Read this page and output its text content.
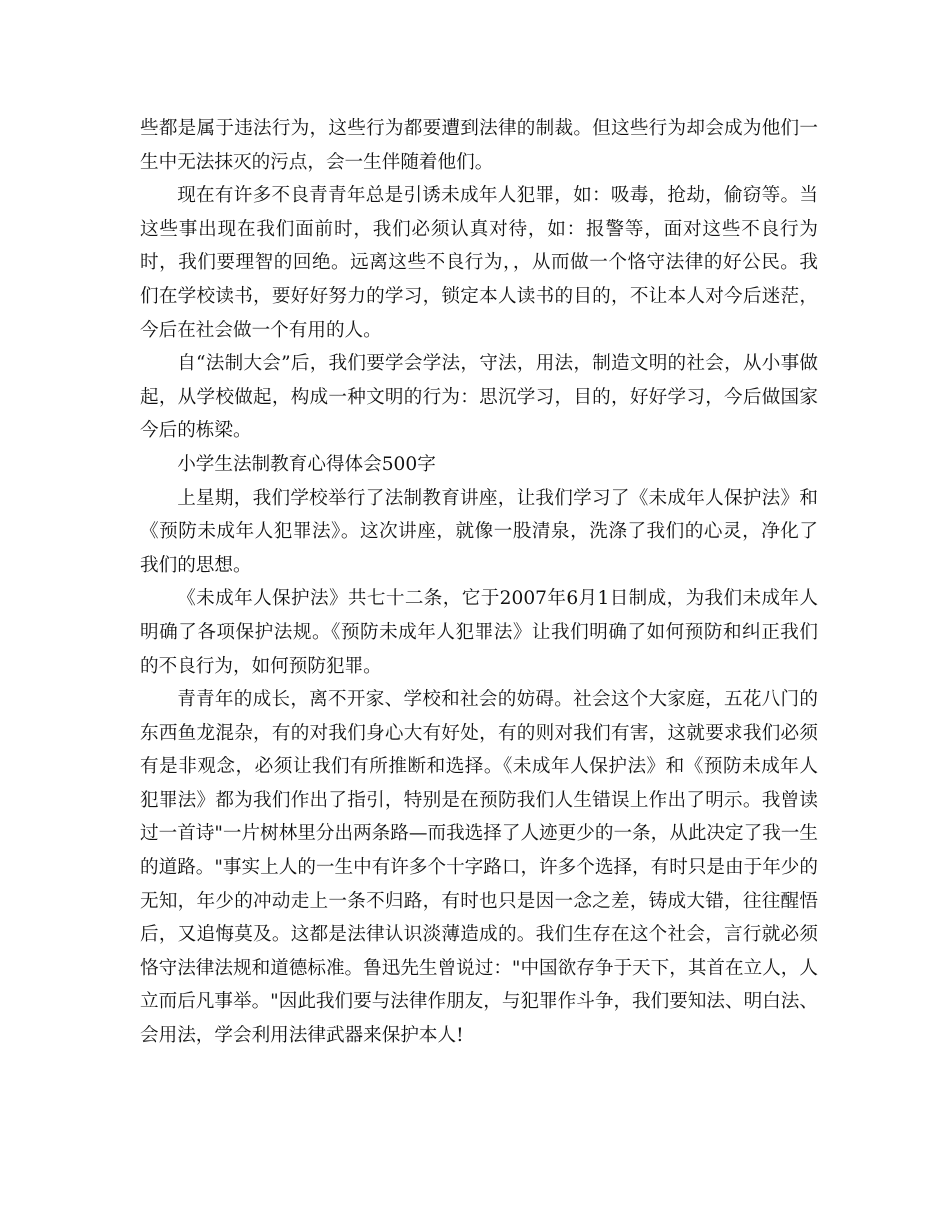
些都是属于违法行为，这些行为都要遭到法律的制裁。但这些行为却会成为他们一生中无法抹灭的污点，会一生伴随着他们。

现在有许多不良青青年总是引诱未成年人犯罪，如：吸毒，抢劫，偷窃等。当这些事出现在我们面前时，我们必须认真对待，如：报警等，面对这些不良行为时，我们要理智的回绝。远离这些不良行为，，从而做一个恪守法律的好公民。我们在学校读书，要好好努力的学习，锁定本人读书的目的，不让本人对今后迷茫，今后在社会做一个有用的人。

自“法制大会”后，我们要学会学法，守法，用法，制造文明的社会，从小事做起，从学校做起，构成一种文明的行为：思沉学习，目的，好好学习，今后做国家今后的栋梁。

小学生法制教育心得体会500字

上星期，我们学校举行了法制教育讲座，让我们学习了《未成年人保护法》和《预防未成年人犯罪法》。这次讲座，就像一股清泉，洗涤了我们的心灵，净化了我们的思想。

《未成年人保护法》共七十二条，它于2007年6月1日制成，为我们未成年人明确了各项保护法规。《预防未成年人犯罪法》让我们明确了如何预防和纠正我们的不良行为，如何预防犯罪。

青青年的成长，离不开家、学校和社会的妨碍。社会这个大家庭，五花八门的东西鱼龙混杂，有的对我们身心大有好处，有的则对我们有害，这就要求我们必须有是非观念，必须让我们有所推断和选择。《未成年人保护法》和《预防未成年人犯罪法》都为我们作出了指引，特别是在预防我们人生错误上作出了明示。我曾读过一首诗"一片树林里分出两条路—而我选择了人迹更少的一条，从此决定了我一生的道路。"事实上人的一生中有许多个十字路口，许多个选择，有时只是由于年少的无知，年少的冲动走上一条不归路，有时也只是因一念之差，铸成大错，往往醒悟后，又追悔莫及。这都是法律认识淡薄造成的。我们生存在这个社会，言行就必须恪守法律法规和道德标准。鲁迅先生曾说过："中国欲存争于天下，其首在立人，人立而后凡事举。"因此我们要与法律作朋友，与犯罪作斗争，我们要知法、明白法、会用法，学会利用法律武器来保护本人!
